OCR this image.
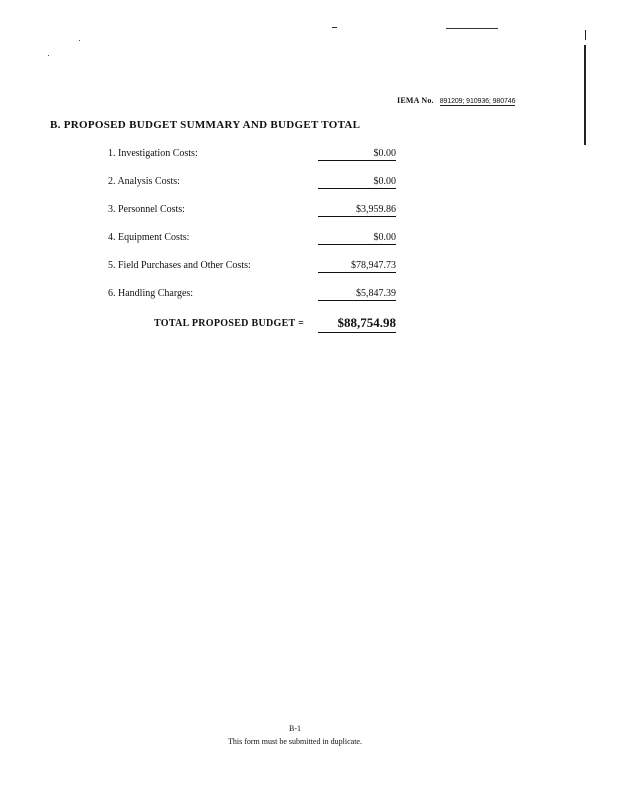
IEMA No. 891209; 910936; 980746
B. PROPOSED BUDGET SUMMARY AND BUDGET TOTAL
1. Investigation Costs:	$0.00
2. Analysis Costs:	$0.00
3. Personnel Costs:	$3,959.86
4. Equipment Costs:	$0.00
5. Field Purchases and Other Costs:	$78,947.73
6. Handling Charges:	$5,847.39
TOTAL PROPOSED BUDGET =	$88,754.98
B-1
This form must be submitted in duplicate.
